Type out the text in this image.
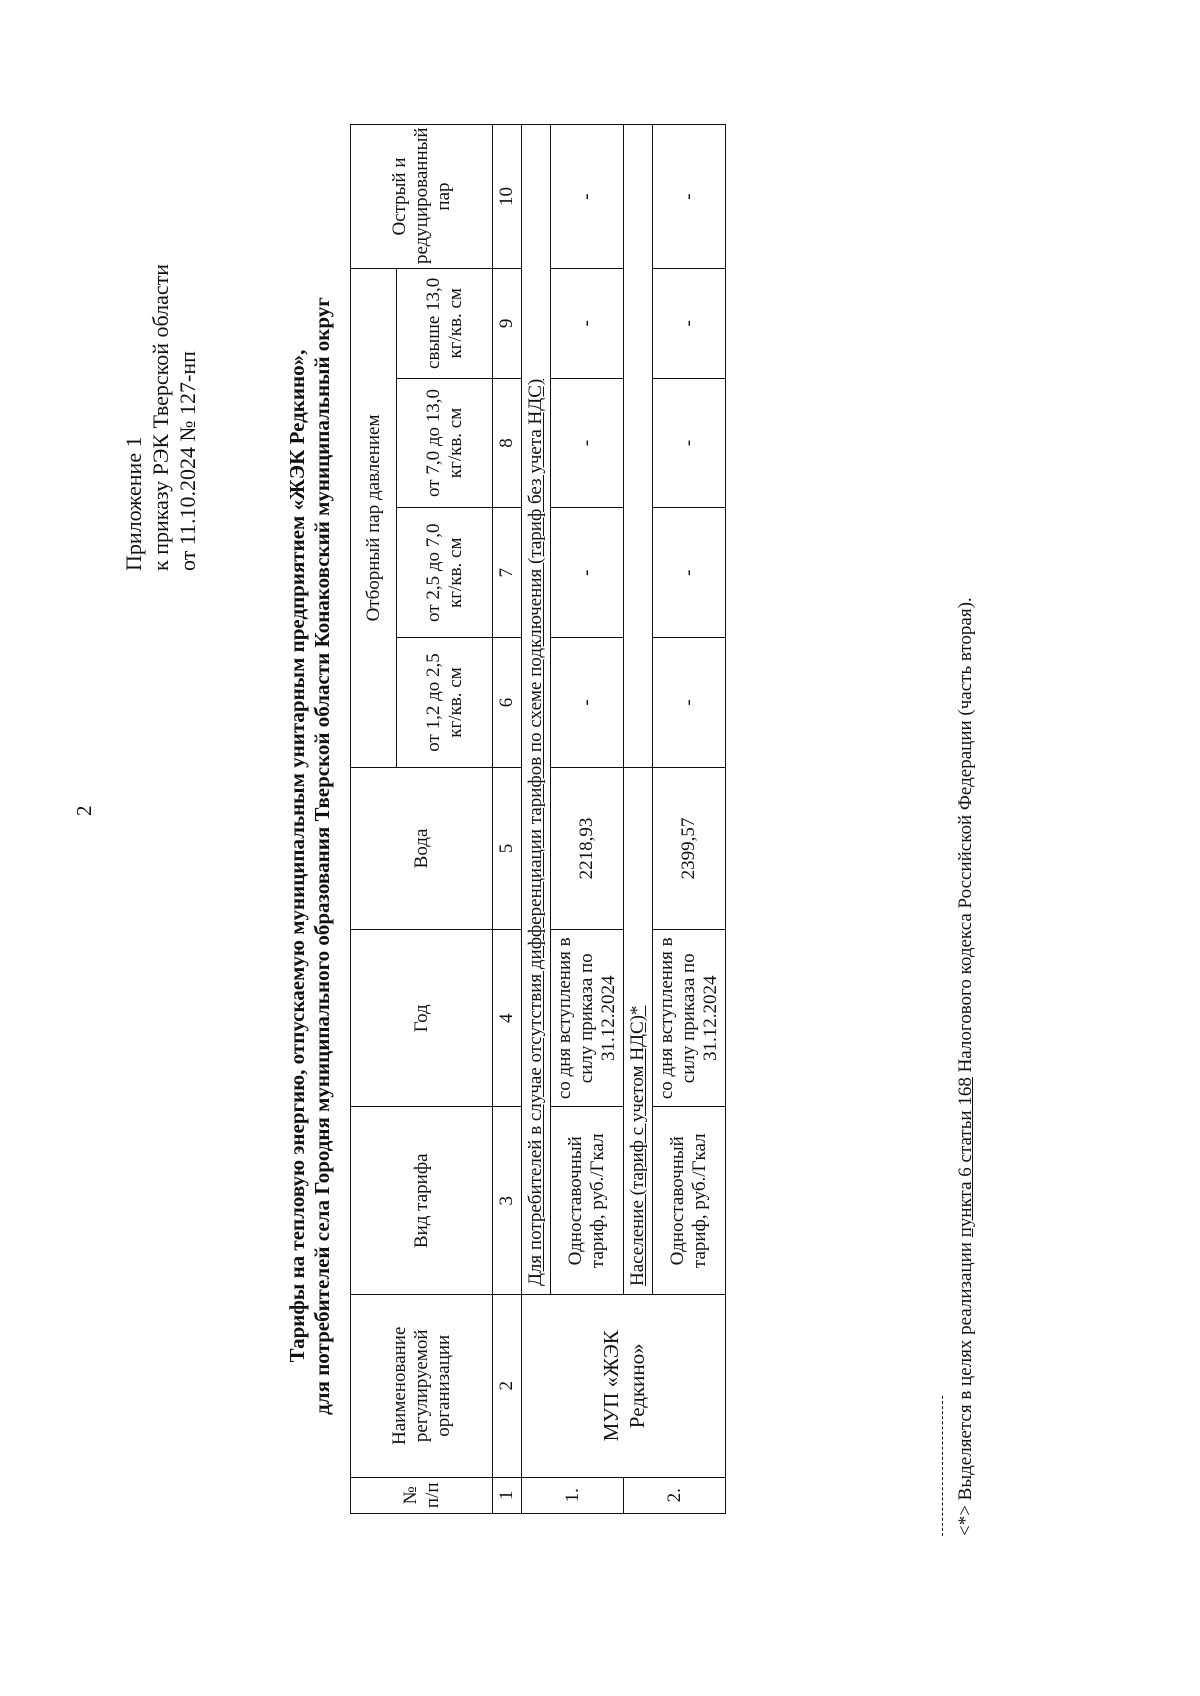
2
Приложение 1 к приказу РЭК Тверской области от 11.10.2024 № 127-нп	Тарифы на тепловую энергию, отпускаемую муниципальным унитарным предприятием «ЖЭК Редкино», для потребителей села Городня муниципального образования Тверской области Конаковский муниципальный округ
№ п/п	Наименование регулируемой организации	Вид тарифа	Год	Вода	Отборный пар давлением				Острый и редуцированный пар
					от 1,2 до 2,5 кг/кв. см	от 2,5 до 7,0 кг/кв. см	от 7,0 до 13,0 кг/кв. см	свыше 13,0 кг/кв. см	
1	2	3	4	5	6	7	8	9	10
1.	МУП «ЖЭК Редкино»	Для потребителей в случае отсутствия дифференциации тарифов по схеме подключения (тариф без учета НДС)							
		Одноставочный тариф, руб./Гкал	со дня вступления в силу приказа по 31.12.2024	2218,93	-	-	-	-	-
2.		Население (тариф с учетом НДС)*							
		Одноставочный тариф, руб./Гкал	со дня вступления в силу приказа по 31.12.2024	2399,57	-	-	-	-	-
<*> Выделяется в целях реализации пункта 6 статьи 168 Налогового кодекса Российской Федерации (часть вторая).
